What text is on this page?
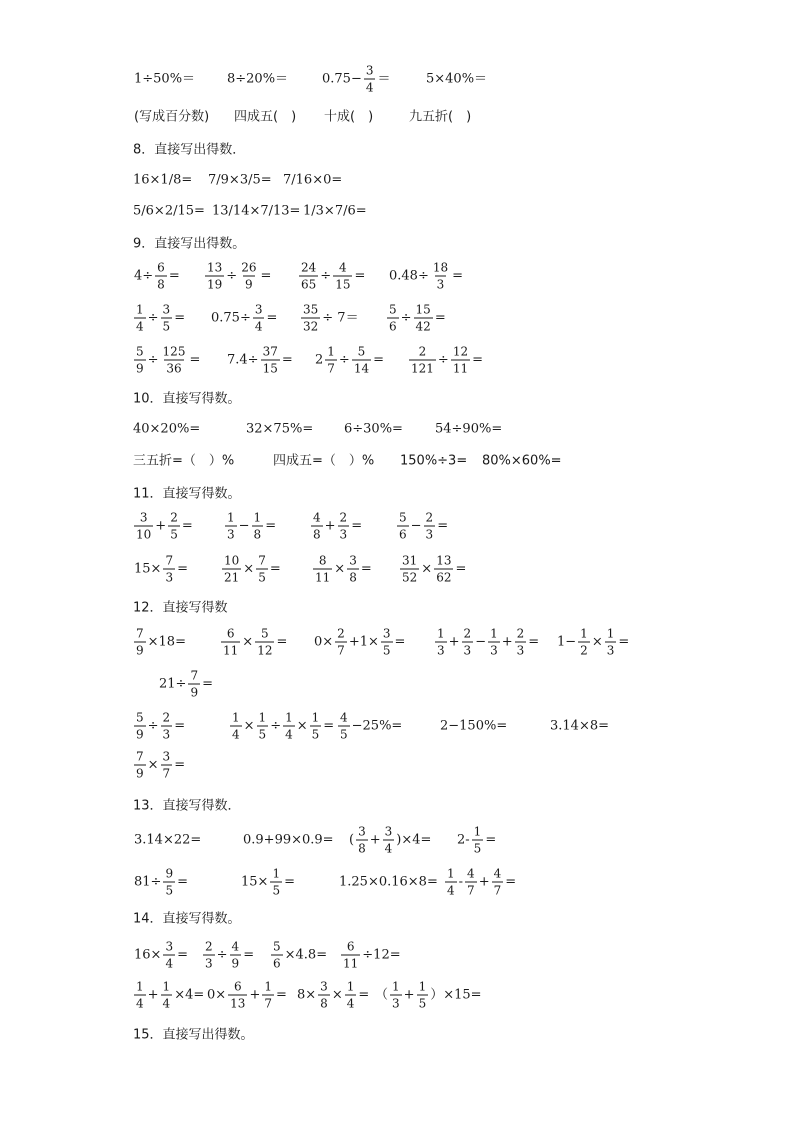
1÷50%＝ 8÷20%＝	$0.75- \frac{3}{4}$ ＝	5×40%＝
(写成百分数) 四成五(　) 十成(　)	九五折(　)
8．直接写出得数．
16×1/8= 7/9×3/5= 7/16×0=
5/6×2/15= 13/14×7/13= 1/3×7/6=
9．直接写出得数。
$4\div \frac{6}{8} = \frac{13}{19} \div \frac{26}{9} = \frac{24}{65} \div \frac{4}{15} = 0.48\div \frac{18}{3}$ =
$\frac{1}{4} \div \frac{3}{5} = 0.75\div \frac{3}{4} = \frac{35}{32} \div 7= \frac{5}{6} \div \frac{15}{42}$ =
$\frac{5}{9} \div \frac{125}{36} = 7.4\div \frac{37}{15} = 2 \frac{1}{7} \div \frac{5}{14} = \frac{2}{121} \div \frac{12}{11}$ =
10．直接写得数。
40×20%=	32×75%= 6÷30%= 54÷90%=
三五折=（　）%	四成五=（　）% 150%÷3= 80%×60%=
11．直接写得数。
3
10
+ $\frac{2}{5}$ =
1
3
− $\frac{1}{8}$ =
4
8
+ $\frac{2}{3}$ =
5
6
− $\frac{2}{3}$ =
$15\times \frac{7}{3}$ =	$\frac{10}{21} \times \frac{7}{5}$ =	$\frac{8}{11} \times \frac{3}{8} = \frac{31}{52} \times \frac{13}{62}$ =
12．直接写得数
$\frac{7}{9} \times 18=$	$\frac{6}{11} \times \frac{5}{12} = 0\times \frac{2}{7} +1\times \frac{3}{5}$ =
1
3
+ $\frac{2}{3} - \frac{1}{3} + \frac{2}{3} = 1- \frac{1}{2} \times \frac{1}{3}$ =
$21\div \frac{7}{9}$ =
$\frac{5}{9} \div \frac{2}{3}$ =	$\frac{1}{4} \times \frac{1}{5} \div \frac{1}{4} \times \frac{1}{5}$ =
4
5
−25%=	2−150%=	3.14×8=
$\frac{7}{9} \times \frac{3}{7}$ =
13．直接写得数．
3.14×22=	0.9+99×0.9= (
3
8
+ $\frac{3}{4} )\times 4= 2- \frac{1}{5}$ =
$81\div \frac{9}{5}$ =	$15\times \frac{1}{5}$ =	1.25×0.16×8=
1
4
-
4
7
+ $\frac{4}{7}$ =
14．直接写得数。
$16\times \frac{3}{4} = \frac{2}{3} \div \frac{4}{9} = \frac{5}{6} \times 4.8= \frac{6}{11} \div 12=$
1
4
+ $\frac{1}{4} \times 4= 0\times \frac{6}{13} + \frac{1}{7} = 8\times \frac{3}{8} \times \frac{1}{4}$ = （
1
3
+ $\frac{1}{5} )\times 15=$
15．直接写出得数。
